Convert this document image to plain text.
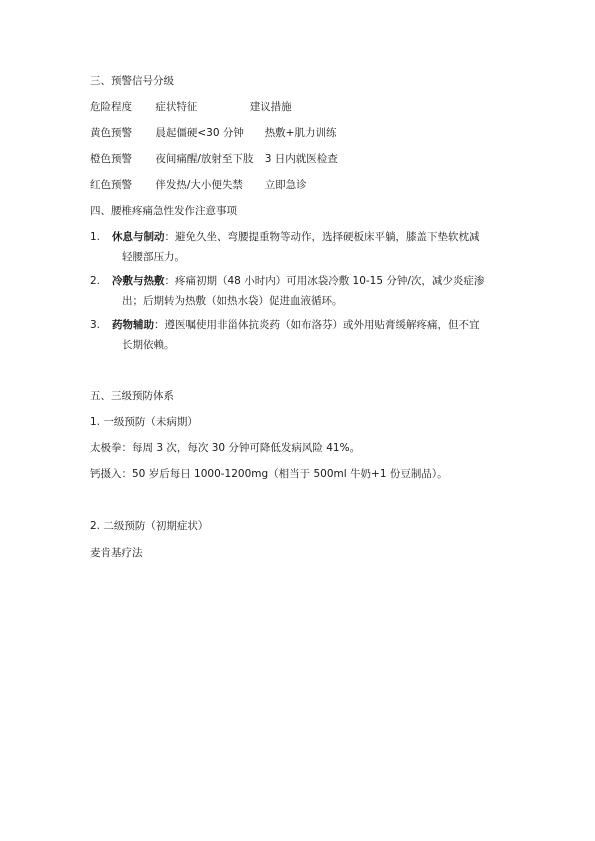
三、预警信号分级
危险程度 症状特征	建议措施
黄色预警 晨起僵硬<30 分钟 热敷+肌力训练
橙色预警 夜间痛醒/放射至下肢 3 日内就医检查
红色预警 伴发热/大小便失禁 立即急诊
四、腰椎疼痛急性发作注意事项
1. 休息与制动：避免久坐、弯腰提重物等动作，选择硬板床平躺，膝盖下垫软枕减
轻腰部压力。
2. 冷敷与热敷：疼痛初期（48 小时内）可用冰袋冷敷 10-15 分钟/次，减少炎症渗
出；后期转为热敷（如热水袋）促进血液循环。
3. 药物辅助：遵医嘱使用非甾体抗炎药（如布洛芬）或外用贴膏缓解疼痛，但不宜
长期依赖。
五、三级预防体系
1. 一级预防（未病期）
太极拳：每周 3 次，每次 30 分钟可降低发病风险 41%。
钙摄入：50 岁后每日 1000-1200mg（相当于 500ml 牛奶+1 份豆制品）。
2. 二级预防（初期症状）
麦肯基疗法
